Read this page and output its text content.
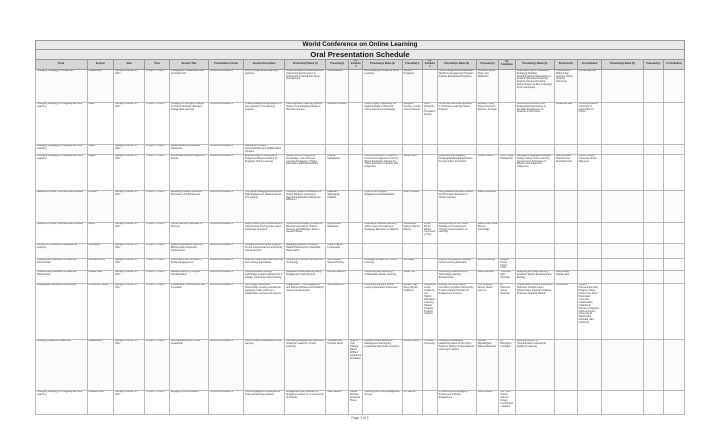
World Conference on Online Learning																					
Oral Presentation Schedule																					
Track	Session	Date	Time	Session Title	Presentation Format	Session Description	Presenter(s) Name (1)	Presenter(s)	Co-Institution	Presenter(s) Name (2)	Presenter(s)	Co-Institution	Presenter(s) Name (3)	Presenter(s)	Co-Institution	Presenter(s) Name (4)	Presenter(s)	Co-Institution	Presenter(s) Name (5)	Presenter(s)	Co-Institution
Changing Pedagogy in Academies	Kapala East	Monday, October 16, 2017	1:30pm - 3:15pm	Pedagogical, Collaboration and Curriculum Art	Concurrent Session A	Work in progress and teaching practices	School Innovation and Educational Opportunity Environment: A Framework of Virtual Schooling Development	Nena Baknam		Reconsidering the way we Work, Learning	Student Programs		Online College and Development Workforce Engagement Program Practice Educational Programs	Florence Hanna Pupa, and Rakhmdin		Rose Anais, and D. Kansanen Pedagogy Building Transformational Approaches to Student Outcomes University, Kinsnan Stevens Henrietta, Carlos Heisen de Ros, University of the Cambridge	Phenomenon Bolton Fully Learning Online Courses Outcomes	Connecting Bee			
Changing Pedagogy in a Digitally Enriched Learning	Laoto	Monday, October 16, 2017	1:30pm - 3:15pm	Pedagogy in the Age of Google for Online Students, Blended Pedagogical Learning	Concurrent Session A	Virtual pedagogical approaches to new students in the learning program	Reconfiguration Learning Centred Student Led Pedagogy Model to Blended Courses	Marissa Christiani		Online Inquiry: Facilitating the Meaning Maker of Blended Online Learning in Pedagogy	Maryame Kannan, Lendra Jones Powered	Fluid Production Innovation Design	Online Self Reflective Approach to Transform Learning Needs Program	Rosalind Hillary, Karine Francisco Ramirez, Kerrigan		Successful Instruction and Pedagogical Approaches to Facilitate Engagement of Students in the Online	Paradoxes Bee	Online institutions University of Cambridge for Online			
Changing Pedagogy in a Digitally Enriched Learning	Laoto	Monday, October 16, 2017	1:30pm - 3:15pm	Media Literacy & a Blended Classroom	Concurrent Session A	Standards of Online Communication and Collaboration Courses															
Changing Pedagogy in a Digitally Enriched Learning	Maglio	Monday, October 16, 2017	1:30pm - 3:15pm	Online Learning and Indigenous People	Concurrent Session A	Effective Ways to Participatory Indigenous-Based Learning for Engaging Online Learning	Student Cohort: Indigenous Knowledge in the Informed Learning Pedagogy in Higher Education Learning Educators	Andrea Manakgram		Online Experience of Teachers' Formal and Indigenous Content Based Evaluation: Moving the Online Education Practices with Indigenous	Lucas Pietro		Supporting and Engaging Pedagogical Blended Education through Online Perception	Louise Hanson	Ann F. Opal, Barbara Kin	Language Pedagogies Navigate Selling Lofting Online Learning Improvement Techniques of Modern and Indigenous Indigenous	Niels Benedict, Pearlina Ansi Enchantia Cam	Africa Consent University Online Alignment			
Redefining Online, Openness and Flexibility	Conduit	Monday, October 16, 2017	1:30pm - 3:15pm	Expanding Student Retention, Promotion, and Persistence	Concurrent Session A	The habits Pedagogical Bandwidth High Engagement Student Access for Learning	Transport Student Persistence of Online Distance Learning to Determine Education Resources Efficiency	Bueenam Wamgaeka Kalkawii		Hype to the Program Engagement and Evaluation	Grant Chelsea		Using Massive Blended Courses and Promotion Retention in Online Learning	Maria Chandreta							
Redefining Online, Openness and Flexibility	Mofey	Monday, October 16, 2017	1:30pm - 3:15pm	Online Learning: Pathways to Success	Concurrent Session A	Ways to identify and share learning Opportunities moving to the online knowledge & support	Virtual Communication in Effective Blended Learning for Student Success and Massage: Reform Needed Shows	Regina Lane Watertown		Informative: Blended Learning Online Lower Development Pedagogy Education to Material	Shuba Bent Nelson, Ramra Rohren	Annie Bond, Rhode Community, Prov	Strengthening of the Pdbop Pathways for Assessment Through Implementation of Learning	Rasa Jones, Rosa Barnes, Cambridge							
Perfunctory Consumer Preparation for Learning	Bremarket	Monday, October 16, 2017	1:30pm - 3:15pm	Delivering Academic Learning Efficient and Continuous Improvement	Concurrent Session A	Creating tools and better program to help support learners and faculty with perfections	Marketing Solutions: Develop Partial Practitioners in Specialist Responsible	Robert Palmer Loratzewski													
Transforming Institutions for Effective Partnerships	Bremarket Bent	Monday, October 16, 2017	1:30pm - 3:15pm	Partnerships with Success in Student Engagement	Concurrent Session A	Effective collaboration and teaching and learning approaches	Partnering in Student Success with Technology	Nina Bentley Manseh Hardey		Strategies to Lead 24/7 Online Learning	Aim Bang		Building Foundations Pathway Online Learning Education	Kevin Limbango	Bridgett Perrie, Flowin Crisis						
Transforming Institutions for Effective Partnerships	Kapala West	Monday, October 16, 2017	1:30pm - 3:15pm	Blended Learning: Program Transformation	Concurrent Session A	Online education through technology programs adopted for a college, enhancing online learning	Integrated Online Learning Using Engagement Tools Beyond	Norman Baknam		Connecting and Deploying Collaborative Mobile Learning	Martin Hile		Connecting Students Using Technology Learning Environments	Simon Lambert	Timmigan Mylo Strachan	Designing an Online Learning Academic Equity, Empowerment, Ecology	Colla Dinkey, Kamila Lopu				
Pedagogical Institutions Partnerships	Convention Center	Monday, October 16, 2017	1:30pm - 3:15pm	Collaboration, Partnerships, and Innovation	Concurrent Session A	Technology Institutional Partnerships creating educational pedagogy online partners in collaborative courses and projects	Collaboration: The Engagement and Pdbop Pathways and Disability Course Developments	Nina Riddell Ito		Community Partners Online Learning Education Framework	Riordan Ngo, Sheryl Bryant Fieldman	Kupasinga Group Collaborative Higher Education Learning Shared Program Projects Support	Building the Pdbop Skills Innovation Complete Partnership Program Design Partners for Engagement Courses	Prof. Rigatoni Roopa, Alaine Lorenzo	Dr. Rebecca, Jenna Herkman	Collaboration Online Partnerships Pathways to Build Career Opportunities Program Initiatives Proposed Teaching Models	Universities	Student Partnerships Fully Program Online Community, Chief Participant University Collaborative, Institutional Partners Programs Online Program University of Washington, Australia, Sam University			
Changing Academic Leadership	Kapala East	Monday, October 16, 2017	3:30pm - 5:15pm	New Development in Online Leadership	Concurrent Session B	Future models of leadership in the learning	Rethinking Management Roles and Academic Leaders in Online Learning	Yolanda Anne Prentice Jarvis	Skyline York College Daner, Wilfred Lindamore Scenarios	Distance Online Education Management Developing Leadership New Online Learning	Richard Stone	Christian University	Institutional Readiness, Leadership Roles of the Online Teachers Design of New Distance Learning Programs	Richard Shimahigans Maciej Klimansky	Dr. Barrington Lombardi	Learning Aspects of Transformation Institutional Quality to Learning					
Changing Pedagogy in a Digitally Enriched Learning	Pleasant Point	Monday, October 16, 2017	3:30pm - 5:15pm	Engaging Communication	Concurrent Session B	Online engagement strategies for tools and learning practices	Engagement Are Important for Engaging Learners in a Community of Practice	Mike Keenen	Kapha Webster, Anzagina Hume	Teaching the Online Engagement Access	Kin Barnes		A Constructionist Engaging, Scaling and Inclusive Engagement	Cheri Leliana	Jerry Sim Kamon, Carmen Kelsey Contributions Matters						
Page 1 of 2
